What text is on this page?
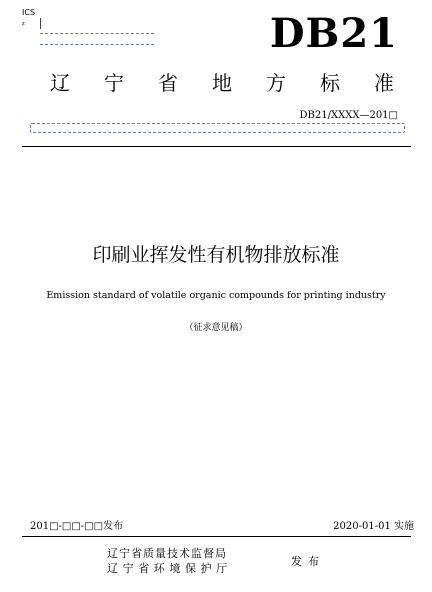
ICS
z	DB21
辽 宁 省 地 方 标 准
DB21/XXXX—201□
印刷业挥发性有机物排放标准
Emission standard of volatile organic compounds for printing industry
（征求意见稿）
201□-□□-□□发布	2020-01-01 实施
辽宁省质量技术监督局
辽宁省环境保护厅
发布
